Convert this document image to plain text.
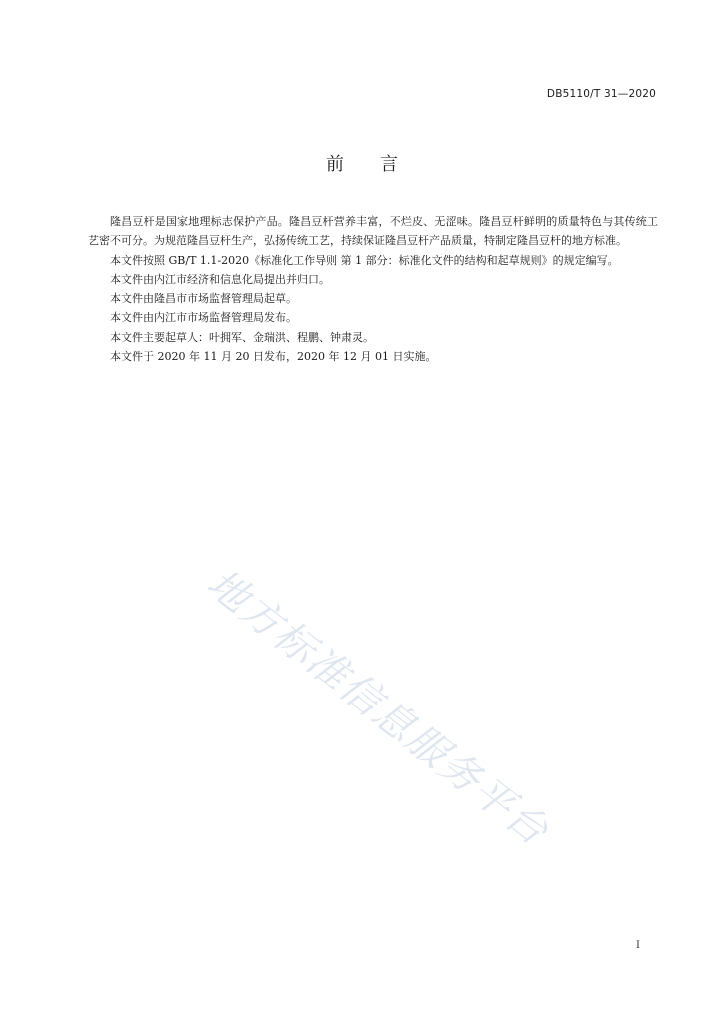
DB5110/T 31—2020
前言

隆昌豆杆是国家地理标志保护产品。隆昌豆杆营养丰富，不烂皮、无涩味。隆昌豆杆鲜明的质量特色与其传统工艺密不可分。为规范隆昌豆杆生产，弘扬传统工艺，持续保证隆昌豆杆产品质量，特制定隆昌豆杆的地方标准。

本文件按照 GB/T 1.1-2020《标准化工作导则 第 1 部分：标准化文件的结构和起草规则》的规定编写。

本文件由内江市经济和信息化局提出并归口。

本文件由隆昌市市场监督管理局起草。

本文件由内江市市场监督管理局发布。

本文件主要起草人：叶拥军、金瑞洪、程鹏、钟肃灵。

本文件于 2020 年 11 月 20 日发布，2020 年 12 月 01 日实施。

地方标准信息服务平台
I
